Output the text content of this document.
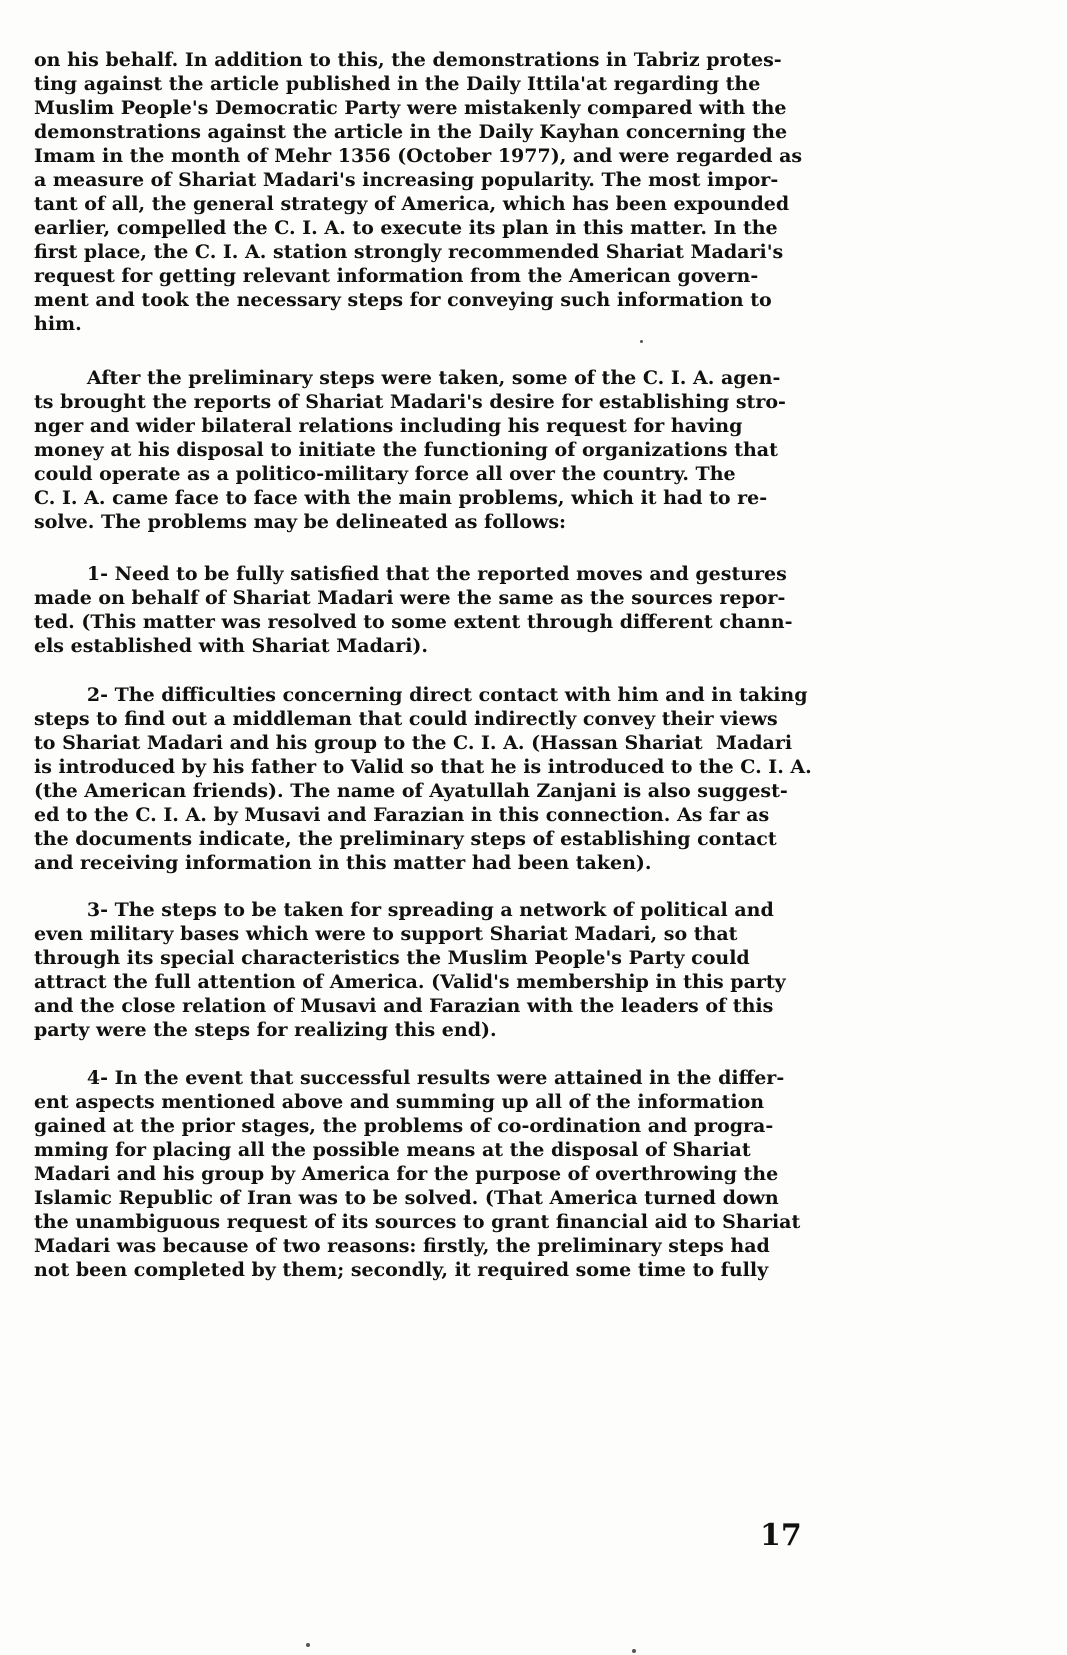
on his behalf. In addition to this, the demonstrations in Tabriz protes-
ting against the article published in the Daily Ittila'at regarding the
Muslim People's Democratic Party were mistakenly compared with the
demonstrations against the article in the Daily Kayhan concerning the
Imam in the month of Mehr 1356 (October 1977), and were regarded as
a measure of Shariat Madari's increasing popularity. The most impor-
tant of all, the general strategy of America, which has been expounded
earlier, compelled the C. I. A. to execute its plan in this matter. In the
first place, the C. I. A. station strongly recommended Shariat Madari's
request for getting relevant information from the American govern-
ment and took the necessary steps for conveying such information to
him.
After the preliminary steps were taken, some of the C. I. A. agen-
ts brought the reports of Shariat Madari's desire for establishing stro-
nger and wider bilateral relations including his request for having
money at his disposal to initiate the functioning of organizations that
could operate as a politico-military force all over the country. The
C. I. A. came face to face with the main problems, which it had to re-
solve. The problems may be delineated as follows:
1- Need to be fully satisfied that the reported moves and gestures
made on behalf of Shariat Madari were the same as the sources repor-
ted. (This matter was resolved to some extent through different chann-
els established with Shariat Madari).
2- The difficulties concerning direct contact with him and in taking
steps to find out a middleman that could indirectly convey their views
to Shariat Madari and his group to the C. I. A. (Hassan Shariat  Madari
is introduced by his father to Valid so that he is introduced to the C. I. A.
(the American friends). The name of Ayatullah Zanjani is also suggest-
ed to the C. I. A. by Musavi and Farazian in this connection. As far as
the documents indicate, the preliminary steps of establishing contact
and receiving information in this matter had been taken).
3- The steps to be taken for spreading a network of political and
even military bases which were to support Shariat Madari, so that
through its special characteristics the Muslim People's Party could
attract the full attention of America. (Valid's membership in this party
and the close relation of Musavi and Farazian with the leaders of this
party were the steps for realizing this end).
4- In the event that successful results were attained in the differ-
ent aspects mentioned above and summing up all of the information
gained at the prior stages, the problems of co-ordination and progra-
mming for placing all the possible means at the disposal of Shariat
Madari and his group by America for the purpose of overthrowing the
Islamic Republic of Iran was to be solved. (That America turned down
the unambiguous request of its sources to grant financial aid to Shariat
Madari was because of two reasons: firstly, the preliminary steps had
not been completed by them; secondly, it required some time to fully
17
